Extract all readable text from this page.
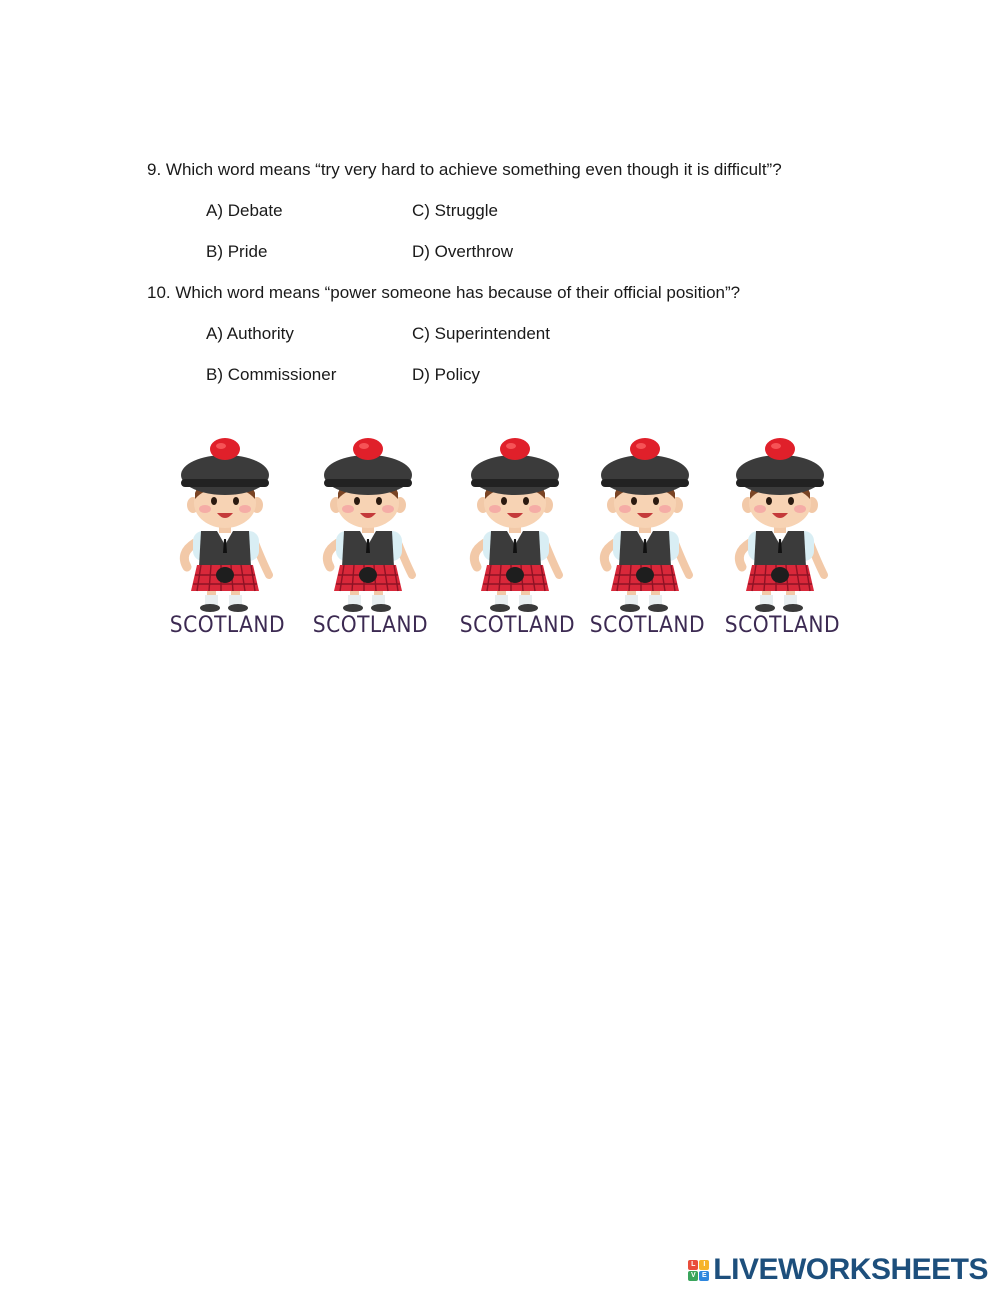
9. Which word means “try very hard to achieve something even though it is difficult”?
A) Debate	C) Struggle
B) Pride	D) Overthrow
10. Which word means “power someone has because of their official position”?
A) Authority	C) Superintendent
B) Commissioner	D) Policy
SCOTLAND SCOTLAND SCOTLAND SCOTLAND SCOTLAND
L	I
V E LIVEWORKSHEETS
